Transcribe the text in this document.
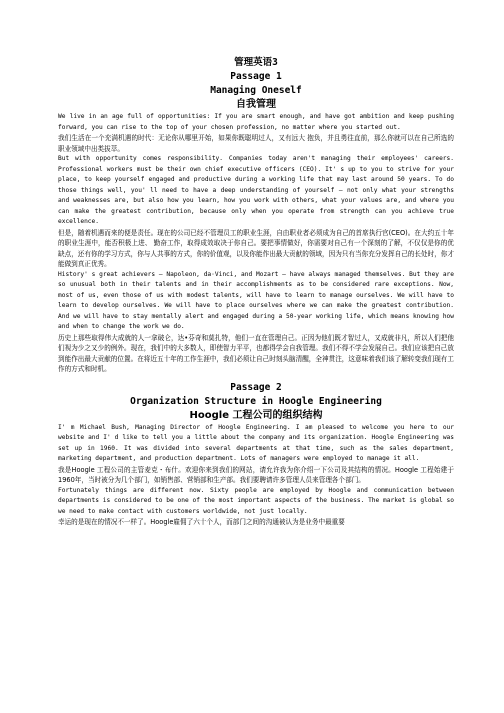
管理英语3

Passage 1

Managing Oneself

自我管理

We live in an age full of opportunities: If you are smart enough, and have got ambition and keep pushing forward, you can rise to the top of your chosen profession, no matter where you started out.

我们生活在一个充满机遇的时代：无论你从哪里开始，如果你既聪明过人，又有远大 抱负，并且勇往直前，那么你就可以在自己所选的职业领域中出类拔萃。

But with opportunity comes responsibility. Companies today aren't managing their employees' careers. Professional workers must be their own chief executive officers (CEO). It' s up to you to strive for your place, to keep yourself engaged and productive during a working life that may last around 50 years. To do those things well, you' ll need to have a deep understanding of yourself — not only what your strengths and weaknesses are, but also how you learn, how you work with others, what your values are, and where you can make the greatest contribution, because only when you operate from strength can you achieve true excellence.

但是，随着机遇而来的便是责任。现在的公司已经不管理员工的职业生涯，自由职业者必须成为自己的首席执行官(CEO)。在大约五十年的职业生涯中，能否积极上进、 勤奋工作，取得成效取决于你自己。要把事情做好，你需要对自己有一个深刻的了解，不仅仅是你的优缺点，还有你的学习方式，你与人共事的方式，你的价值观，以及你能作出最大贡献的领域，因为只有当你充分发挥自己的长处时，你才能做到真正优秀。

History' s great achievers — Napoleon, da·Vinci, and Mozart — have always managed themselves. But they are so unusual both in their talents and in their accomplishments as to be considered rare exceptions. Now, most of us, even those of us with modest talents, will have to learn to manage ourselves. We will have to learn to develop ourselves. We will have to place ourselves where we can make the greatest contribution. And we will have to stay mentally alert and engaged during a 50-year working life, which means knowing how and when to change the work we do.

历史上那些取得伟大成就的人一拿破仑，达•芬奇和莫扎特，他们一直在管理自己。正因为他们既才智过人，又成就非凡，所以人们把他们视为少之又少的例外。现在，我们中的大多数人，即使智力平平，也都得学会自我管理。我们不得不学会发展自己。我们应该把自己放到能作出最大贡献的位置。在将近五十年的工作生涯中，我们必须让自己时刻头脑清醒，全神贯注，这意味着我们该了解转变我们现有工作的方式和时机。

Passage 2

Organization Structure in Hoogle Engineering

Hoogle 工程公司的组织结构

I' m Michael Bush, Managing Director of Hoogle Engineering. I am pleased to welcome you here to our website and I' d like to tell you a little about the company and its organization. Hoogle Engineering was set up in 1960. It was divided into several departments at that time, such as the sales department, marketing department, and production department. Lots of managers were employed to manage it all.

我是Hoogle 工程公司的主管麦克・布什。欢迎你来到我们的网站，请允许我为你介绍一下公司及其结构的情况。Hoogle 工程始建于1960年，当时被分为几个部门，如销售部、营销部和生产部。我们要聘请许多管理人员来管理各个部门。

Fortunately things are different now. Sixty people are employed by Hoogle and communication between departments is considered to be one of the most important aspects of the business. The market is global so we need to make contact with customers worldwide, not just locally.

幸运的是现在的情况不一样了。Hoogle雇佣了六十个人，而部门之间的沟通被认为是业务中最重要
